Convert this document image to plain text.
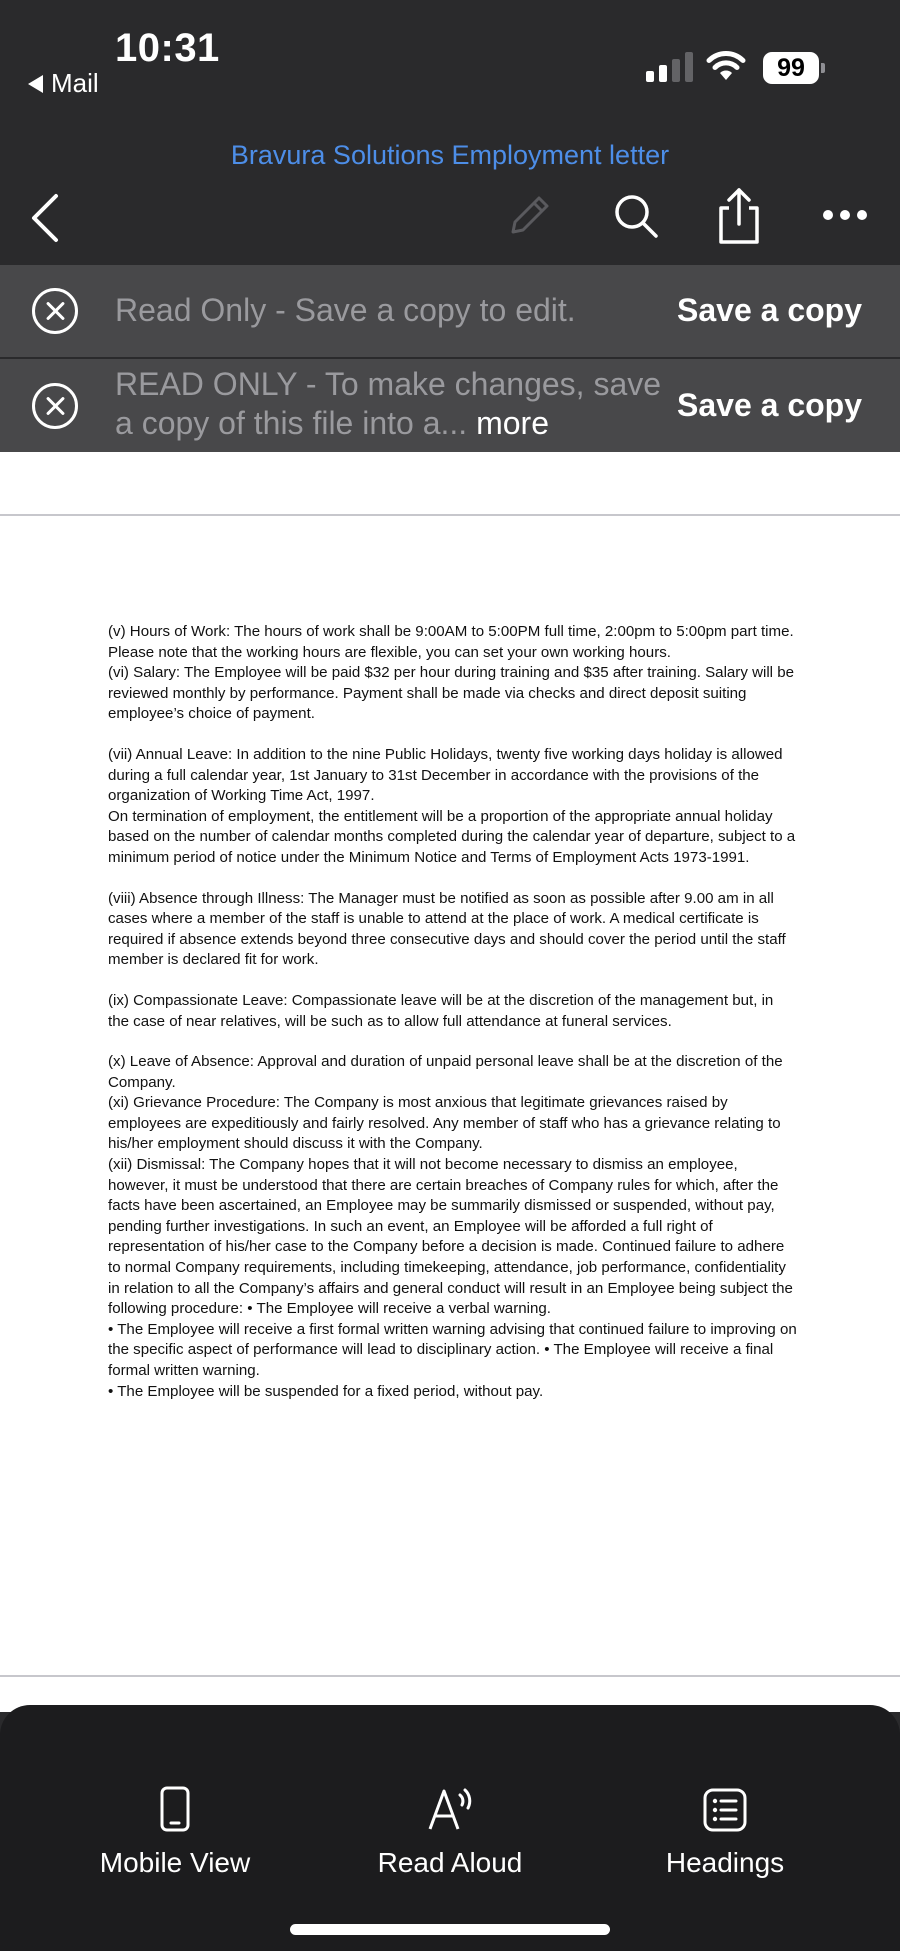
10:31
Mail	99
Bravura Solutions Employment letter
Read Only - Save a copy to edit.	Save a copy
READ ONLY - To make changes, save a copy of this file into a... more	Save a copy

(v) Hours of Work: The hours of work shall be 9:00AM to 5:00PM full time, 2:00pm to 5:00pm part time. Please note that the working hours are flexible, you can set your own working hours.

(vi) Salary: The Employee will be paid $32 per hour during training and $35 after training. Salary will be reviewed monthly by performance. Payment shall be made via checks and direct deposit suiting employee’s choice of payment.

(vii) Annual Leave: In addition to the nine Public Holidays, twenty five working days holiday is allowed during a full calendar year, 1st January to 31st December in accordance with the provisions of the organization of Working Time Act, 1997.

On termination of employment, the entitlement will be a proportion of the appropriate annual holiday based on the number of calendar months completed during the calendar year of departure, subject to a minimum period of notice under the Minimum Notice and Terms of Employment Acts 1973-1991.

(viii) Absence through Illness: The Manager must be notified as soon as possible after 9.00 am in all cases where a member of the staff is unable to attend at the place of work. A medical certificate is required if absence extends beyond three consecutive days and should cover the period until the staff member is declared fit for work.

(ix) Compassionate Leave: Compassionate leave will be at the discretion of the management but, in the case of near relatives, will be such as to allow full attendance at funeral services.

(x) Leave of Absence: Approval and duration of unpaid personal leave shall be at the discretion of the Company.

(xi) Grievance Procedure: The Company is most anxious that legitimate grievances raised by employees are expeditiously and fairly resolved. Any member of staff who has a grievance relating to his/her employment should discuss it with the Company.

(xii) Dismissal: The Company hopes that it will not become necessary to dismiss an employee, however, it must be understood that there are certain breaches of Company rules for which, after the facts have been ascertained, an Employee may be summarily dismissed or suspended, without pay, pending further investigations. In such an event, an Employee will be afforded a full right of representation of his/her case to the Company before a decision is made. Continued failure to adhere to normal Company requirements, including timekeeping, attendance, job performance, confidentiality in relation to all the Company’s affairs and general conduct will result in an Employee being subject the following procedure: • The Employee will receive a verbal warning.

• The Employee will receive a first formal written warning advising that continued failure to improving on the specific aspect of performance will lead to disciplinary action. • The Employee will receive a final formal written warning.

• The Employee will be suspended for a fixed period, without pay.

Mobile View	Read Aloud	Headings
